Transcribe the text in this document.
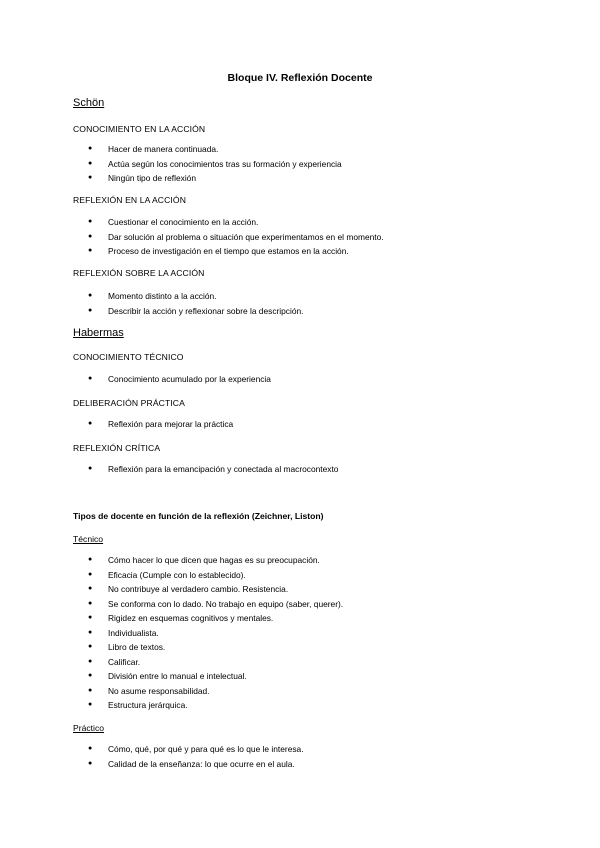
Bloque IV. Reflexión Docente
Schön
CONOCIMIENTO EN LA ACCIÓN
● Hacer de manera continuada.
● Actúa según los conocimientos tras su formación y experiencia
● Ningún tipo de reflexión
REFLEXIÓN EN LA ACCIÓN
● Cuestionar el conocimiento en la acción.
● Dar solución al problema o situación que experimentamos en el momento.
● Proceso de investigación en el tiempo que estamos en la acción.
REFLEXIÓN SOBRE LA ACCIÓN
● Momento distinto a la acción.
● Describir la acción y reflexionar sobre la descripción.
Habermas
CONOCIMIENTO TÉCNICO
● Conocimiento acumulado por la experiencia
DELIBERACIÓN PRÁCTICA
● Reflexión para mejorar la práctica
REFLEXIÓN CRÍTICA
● Reflexión para la emancipación y conectada al macrocontexto
Tipos de docente en función de la reflexión (Zeichner, Liston)
Técnico
● Cómo hacer lo que dicen que hagas es su preocupación.
● Eficacia (Cumple con lo establecido).
● No contribuye al verdadero cambio. Resistencia.
● Se conforma con lo dado. No trabajo en equipo (saber, querer).
● Rigidez en esquemas cognitivos y mentales.
● Individualista.
● Libro de textos.
● Calificar.
● División entre lo manual e intelectual.
● No asume responsabilidad.
● Estructura jerárquica.
Práctico
● Cómo, qué, por qué y para qué es lo que le interesa.
● Calidad de la enseñanza: lo que ocurre en el aula.
